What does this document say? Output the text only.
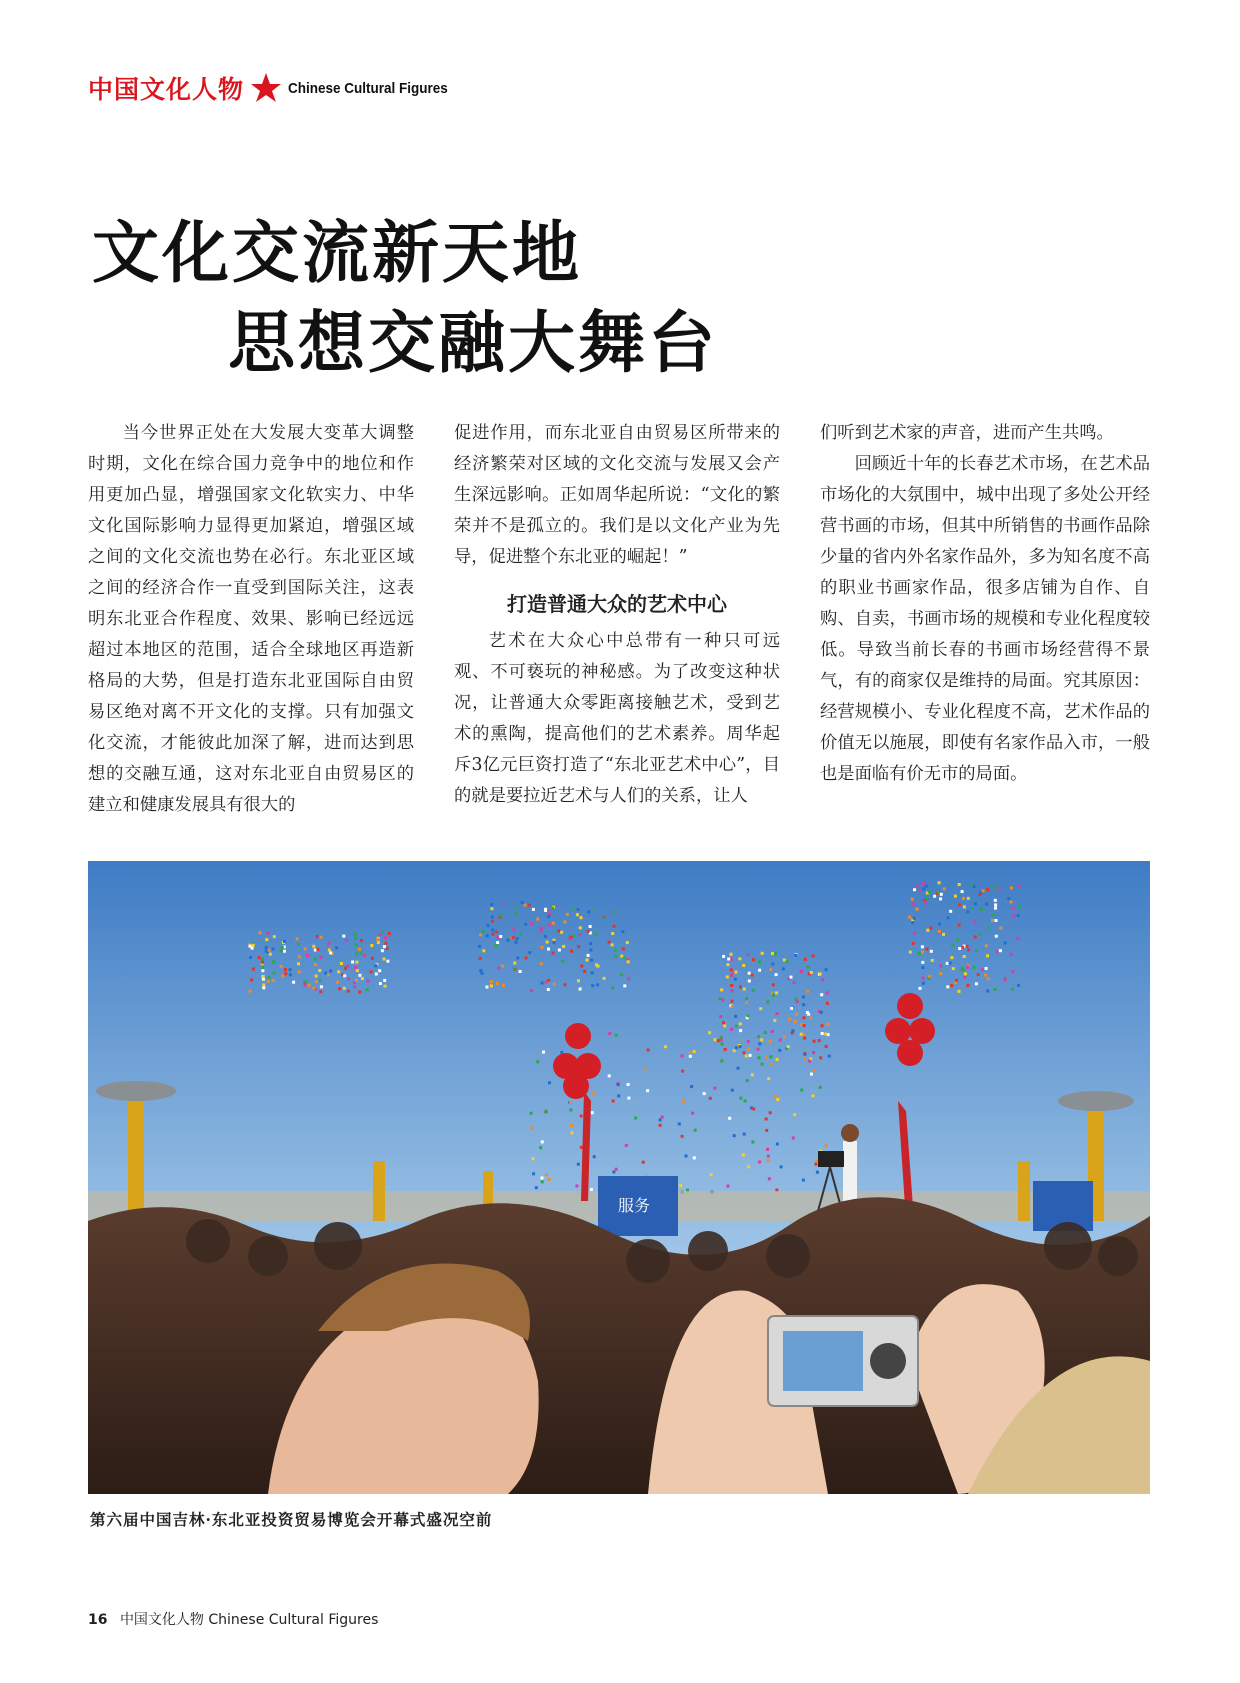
中国文化人物	Chinese Cultural Figures
文化交流新天地
思想交融大舞台

当今世界正处在大发展大变革大调整时期，文化在综合国力竞争中的地位和作用更加凸显，增强国家文化软实力、中华文化国际影响力显得更加紧迫，增强区域之间的文化交流也势在必行。东北亚区域之间的经济合作一直受到国际关注，这表明东北亚合作程度、效果、影响已经远远超过本地区的范围，适合全球地区再造新格局的大势，但是打造东北亚国际自由贸易区绝对离不开文化的支撑。只有加强文化交流，才能彼此加深了解，进而达到思想的交融互通，这对东北亚自由贸易区的建立和健康发展具有很大的

促进作用，而东北亚自由贸易区所带来的经济繁荣对区域的文化交流与发展又会产生深远影响。正如周华起所说：“文化的繁荣并不是孤立的。我们是以文化产业为先导，促进整个东北亚的崛起！”

打造普通大众的艺术中心

艺术在大众心中总带有一种只可远观、不可亵玩的神秘感。为了改变这种状况，让普通大众零距离接触艺术，受到艺术的熏陶，提高他们的艺术素养。周华起斥3亿元巨资打造了“东北亚艺术中心”，目的就是要拉近艺术与人们的关系，让人

们听到艺术家的声音，进而产生共鸣。

回顾近十年的长春艺术市场，在艺术品市场化的大氛围中，城中出现了多处公开经营书画的市场，但其中所销售的书画作品除少量的省内外名家作品外，多为知名度不高的职业书画家作品，很多店铺为自作、自购、自卖，书画市场的规模和专业化程度较低。导致当前长春的书画市场经营得不景气，有的商家仅是维持的局面。究其原因：经营规模小、专业化程度不高，艺术作品的价值无以施展，即使有名家作品入市，一般也是面临有价无市的局面。

服务
第六届中国吉林·东北亚投资贸易博览会开幕式盛况空前
16 中国文化人物 Chinese Cultural Figures
